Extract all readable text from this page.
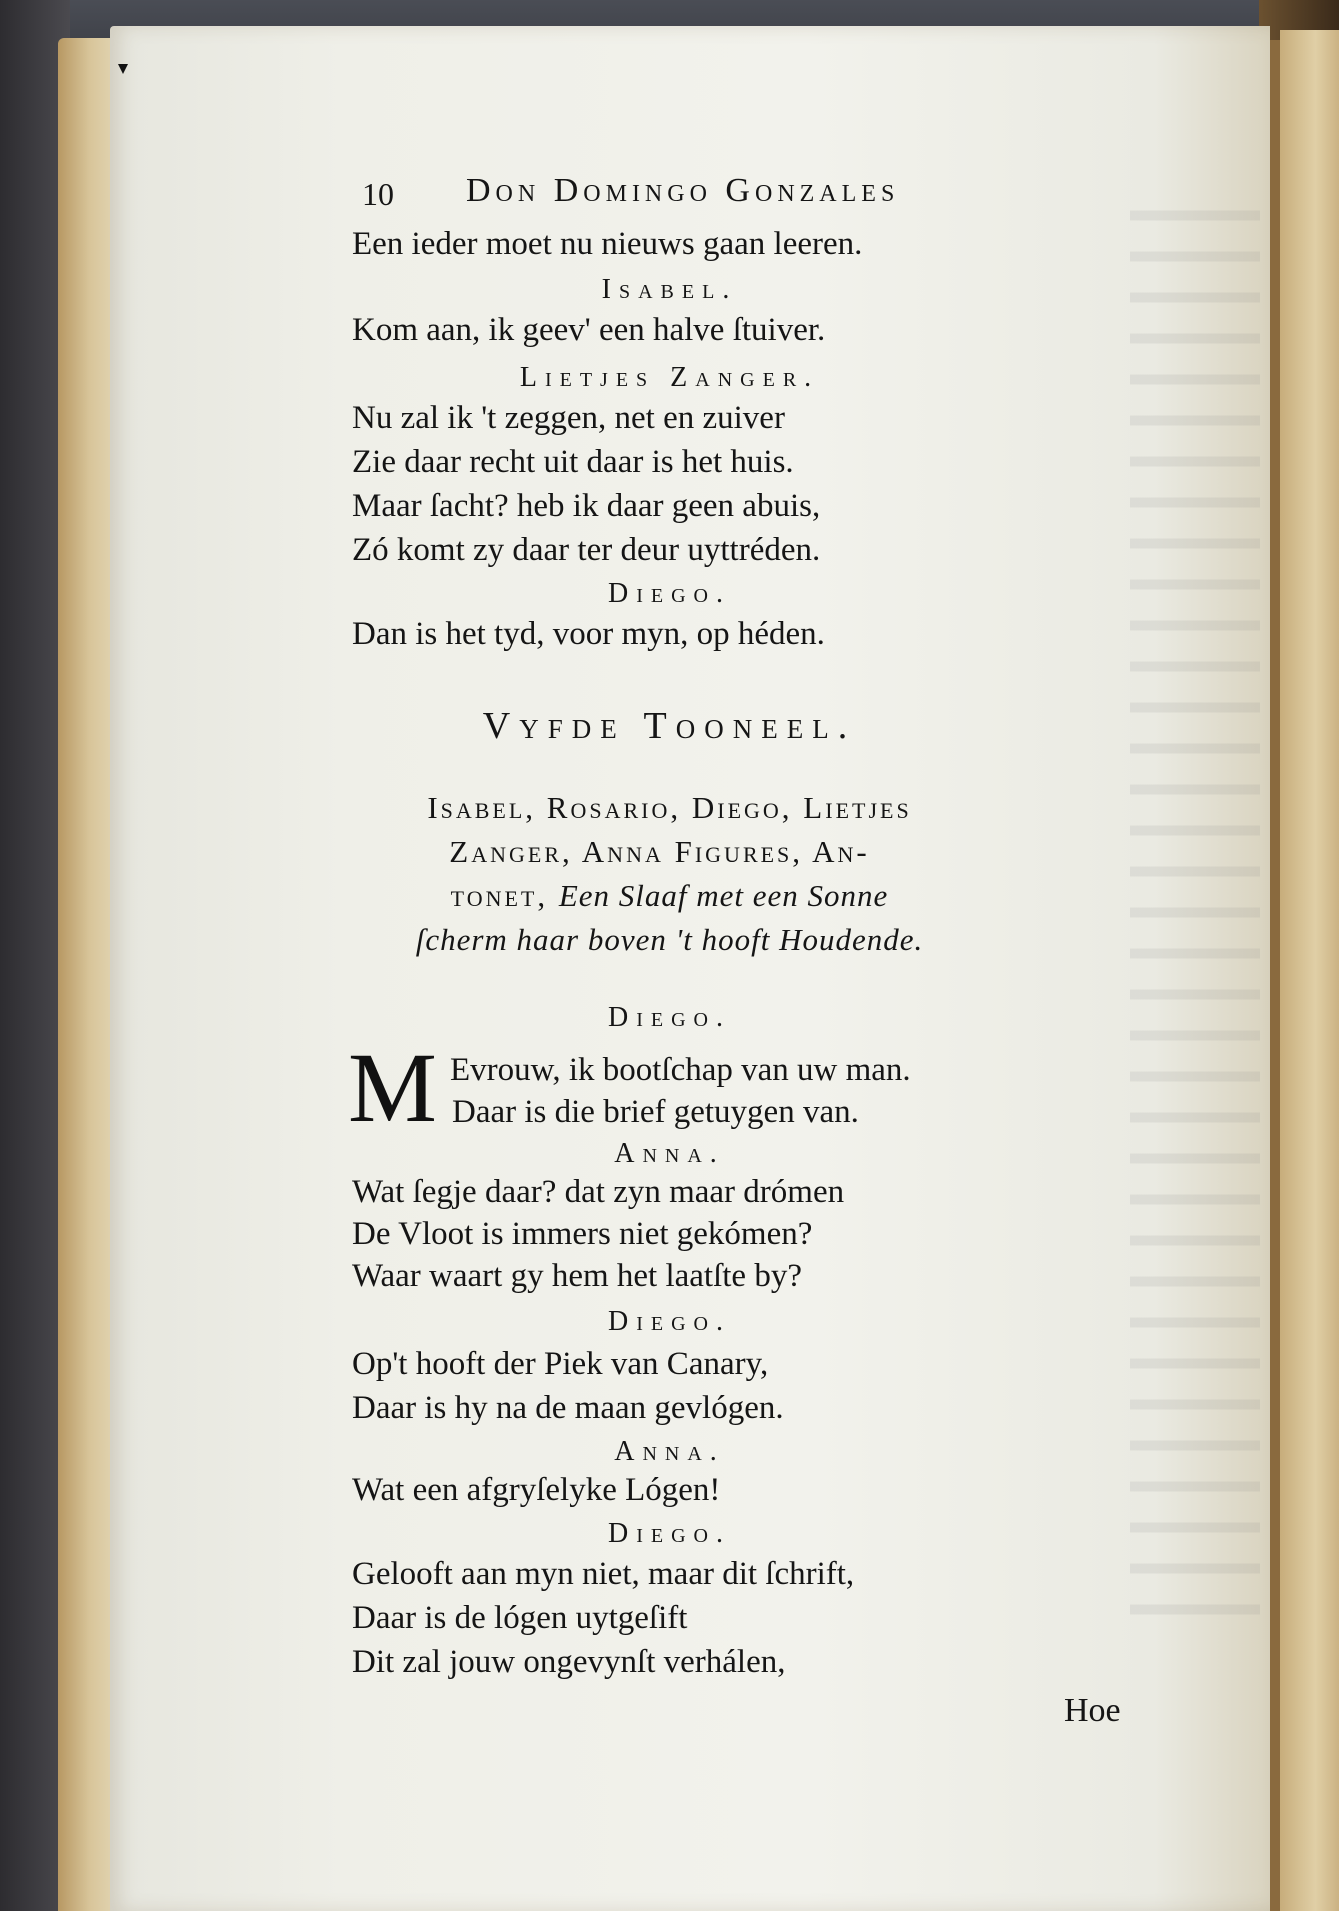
10 Don Domingo Gonzales
Een ieder moet nu nieuws gaan leeren.
Isabel.
Kom aan, ik geev' een halve ſtuiver.
Lietjes Zanger.
Nu zal ik 't zeggen, net en zuiver
Zie daar recht uit daar is het huis.
Maar ſacht? heb ik daar geen abuis,
Zó komt zy daar ter deur uyttréden.
Diego.
Dan is het tyd, voor myn, op héden.
Vyfde Tooneel.
Isabel, Rosario, Diego, Lietjes
Zanger, Anna Figures, An-
tonet, Een Slaaf met een Sonne
ſcherm haar boven 't hooft Houdende.
Diego.
M Evrouw, ik bootſchap van uw man.
Daar is die brief getuygen van.
Anna.
Wat ſegje daar? dat zyn maar drómen
De Vloot is immers niet gekómen?
Waar waart gy hem het laatſte by?
Diego.
Op't hooft der Piek van Canary,
Daar is hy na de maan gevlógen.
Anna.
Wat een afgryſelyke Lógen!
Diego.
Gelooft aan myn niet, maar dit ſchrift,
Daar is de lógen uytgeſift
Dit zal jouw ongevynſt verhálen,
Hoe
